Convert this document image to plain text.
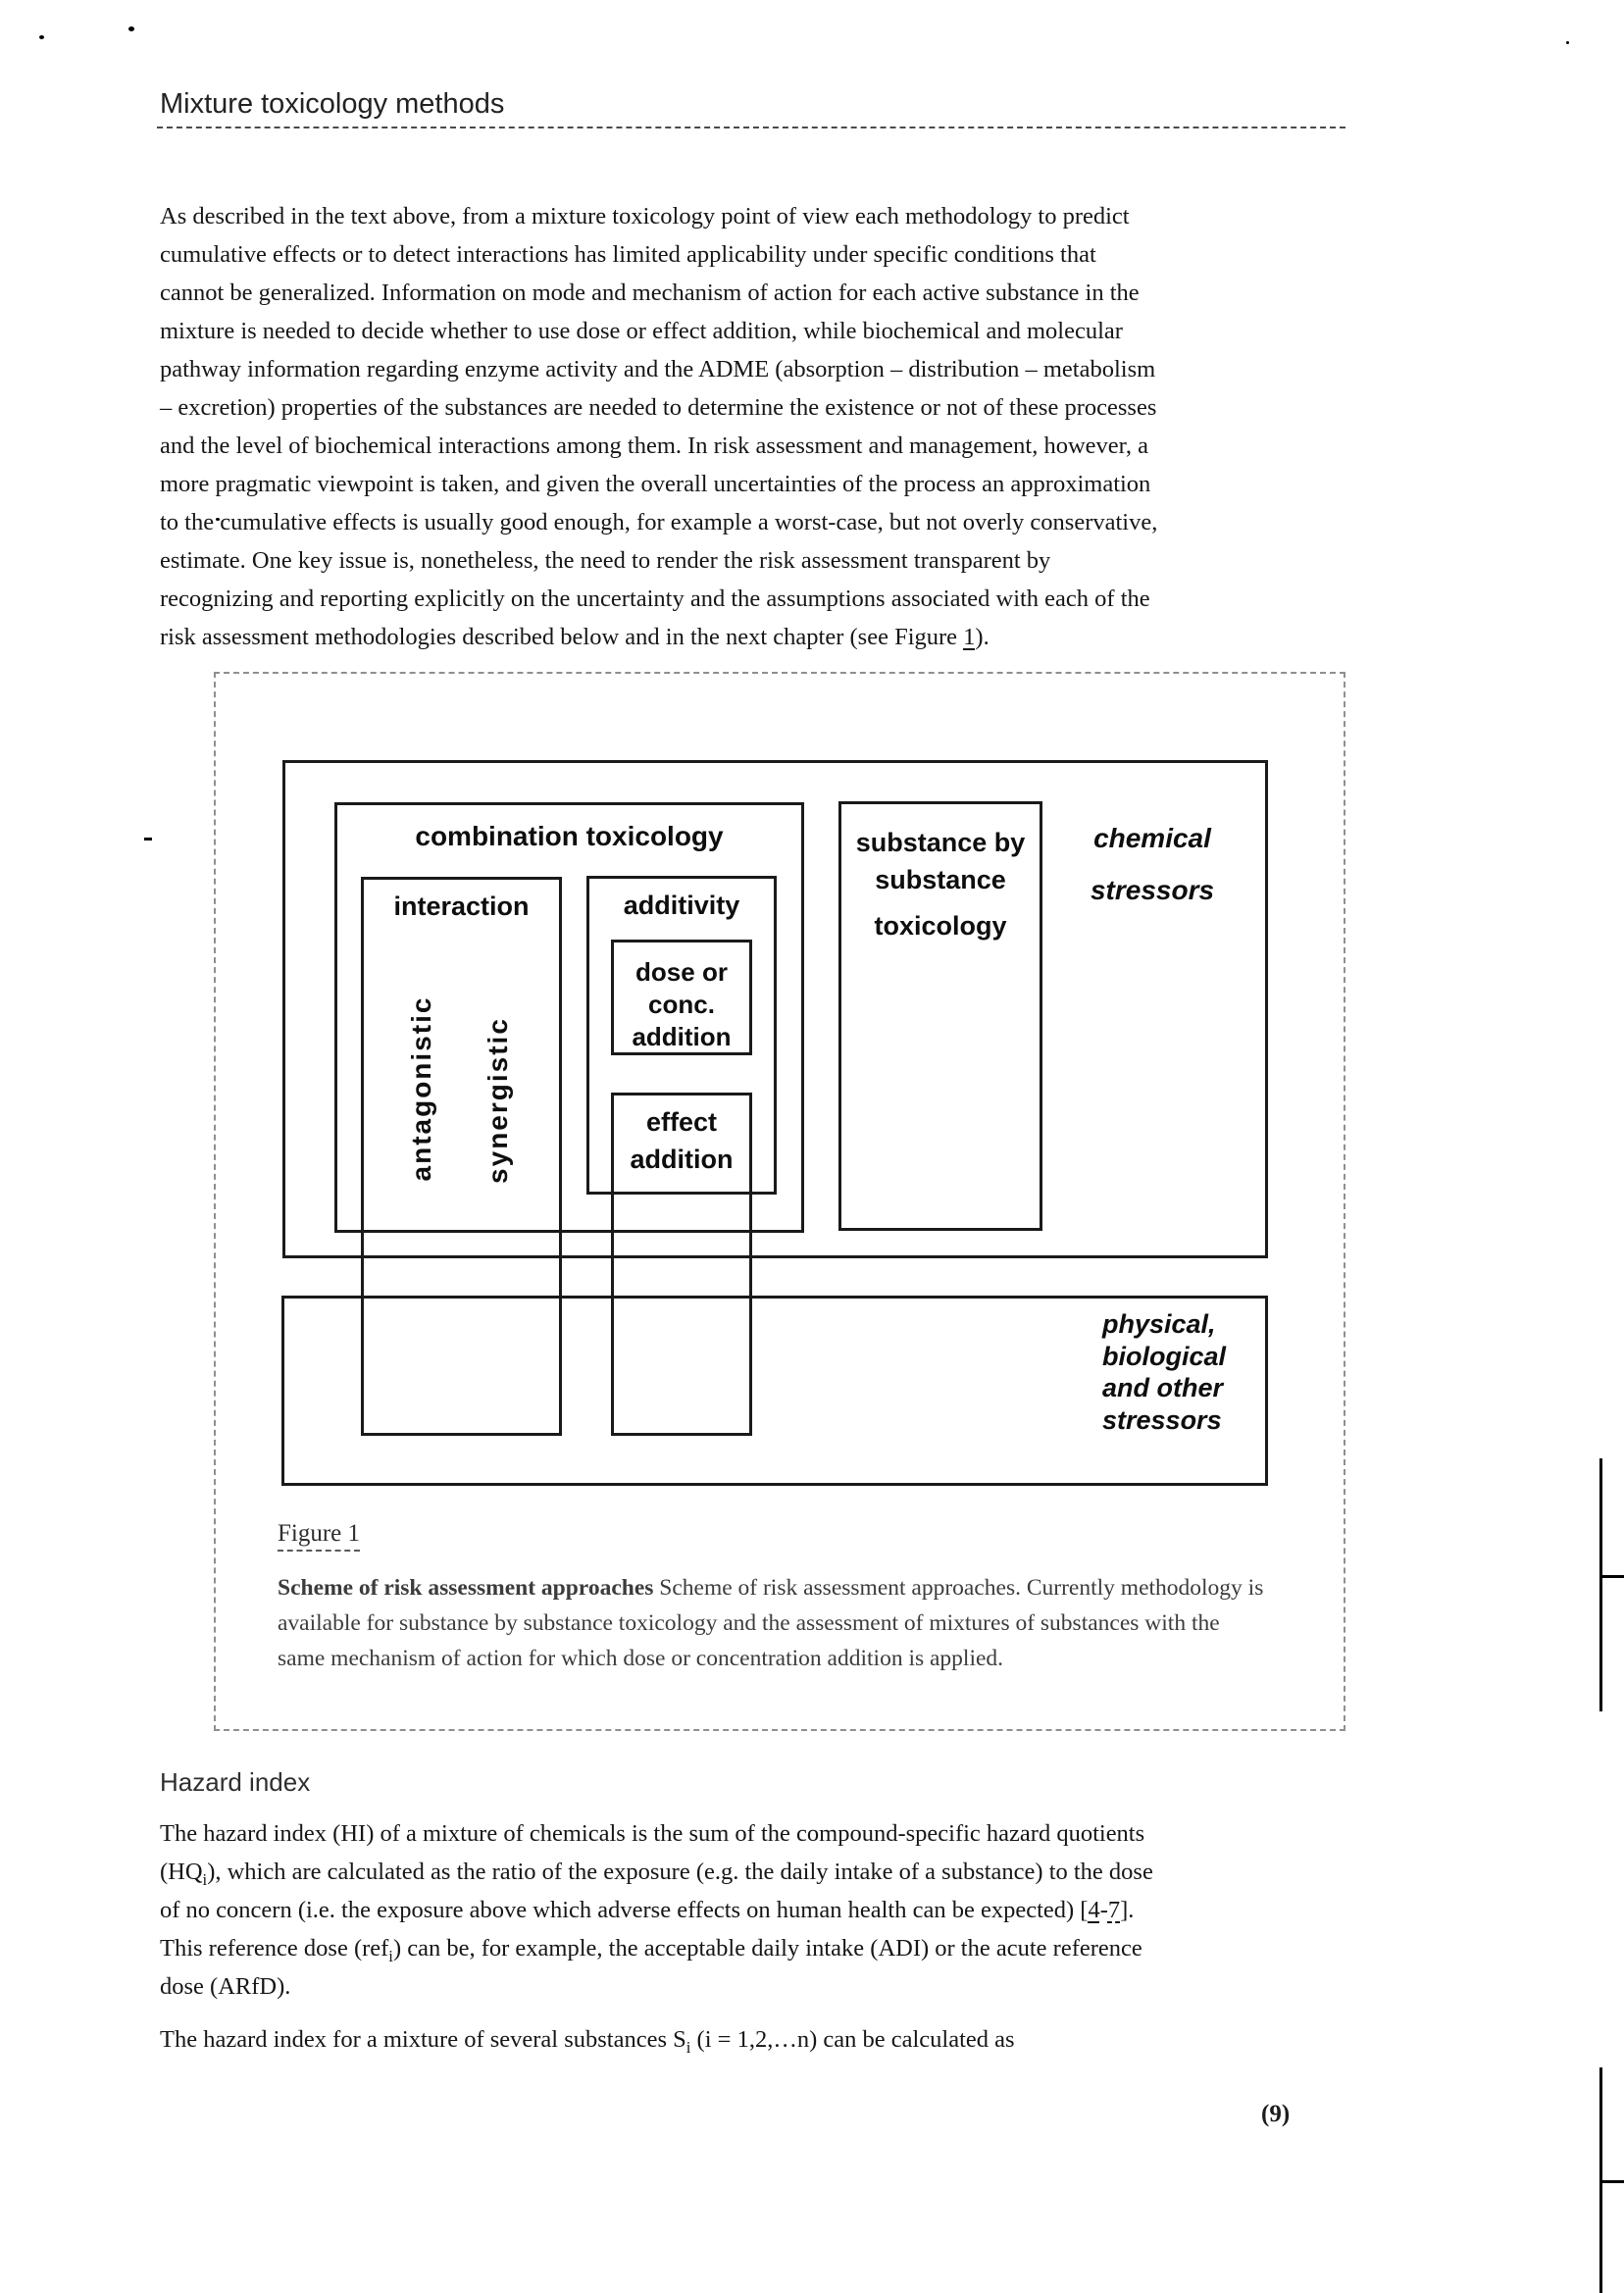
Mixture toxicology methods
As described in the text above, from a mixture toxicology point of view each methodology to predict
cumulative effects or to detect interactions has limited applicability under specific conditions that
cannot be generalized. Information on mode and mechanism of action for each active substance in the
mixture is needed to decide whether to use dose or effect addition, while biochemical and molecular
pathway information regarding enzyme activity and the ADME (absorption – distribution – metabolism
– excretion) properties of the substances are needed to determine the existence or not of these processes
and the level of biochemical interactions among them. In risk assessment and management, however, a
more pragmatic viewpoint is taken, and given the overall uncertainties of the process an approximation
to the cumulative effects is usually good enough, for example a worst-case, but not overly conservative,
estimate. One key issue is, nonetheless, the need to render the risk assessment transparent by
recognizing and reporting explicitly on the uncertainty and the assumptions associated with each of the
risk assessment methodologies described below and in the next chapter (see Figure 1).
combination toxicology
interaction
antagonistic synergistic
additivity
dose or
conc.
addition
effect
addition
substance by
substance
toxicology
chemical
stressors
physical,
biological
and other
stressors
Figure 1
Scheme of risk assessment approaches Scheme of risk assessment approaches. Currently methodology is
available for substance by substance toxicology and the assessment of mixtures of substances with the
same mechanism of action for which dose or concentration addition is applied.
Hazard index
The hazard index (HI) of a mixture of chemicals is the sum of the compound-specific hazard quotients
$(HQ_i)$, which are calculated as the ratio of the exposure (e.g. the daily intake of a substance) to the dose
of no concern (i.e. the exposure above which adverse effects on human health can be expected) [4-7].
This reference dose (ref$_i$) can be, for example, the acceptable daily intake (ADI) or the acute reference
dose (ARfD).
The hazard index for a mixture of several substances $S_i$ (i = 1,2,…n) can be calculated as
(9)
